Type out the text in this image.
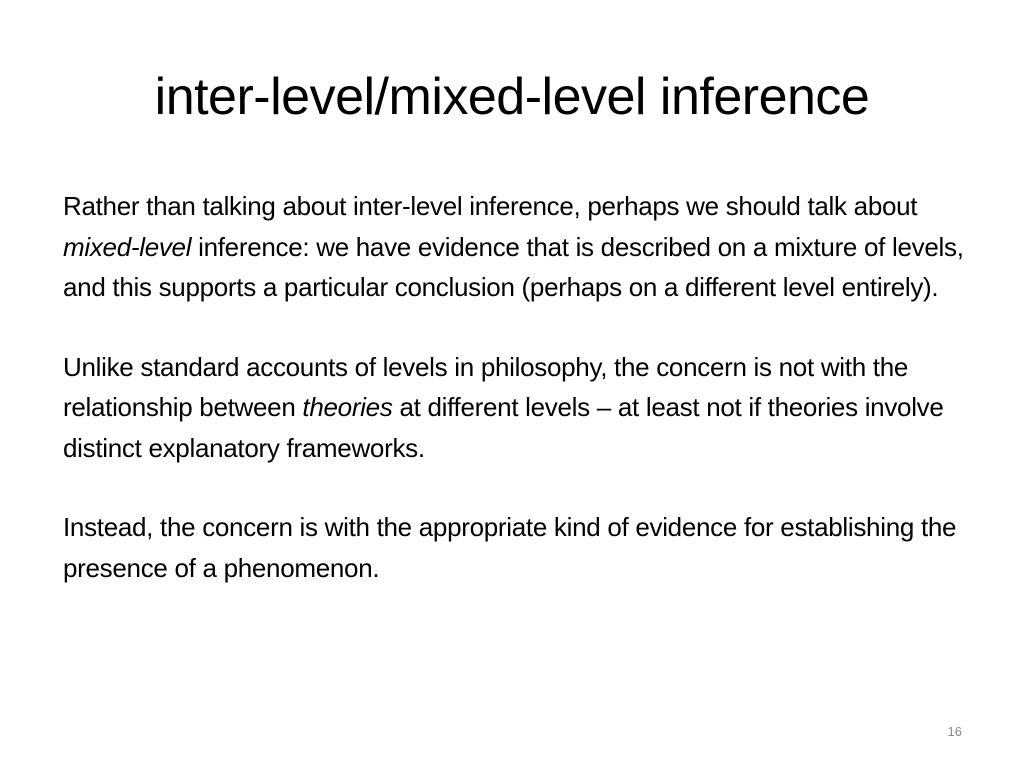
inter-level/mixed-level inference

Rather than talking about inter-level inference, perhaps we should talk about mixed-level inference: we have evidence that is described on a mixture of levels, and this supports a particular conclusion (perhaps on a different level entirely).

Unlike standard accounts of levels in philosophy, the concern is not with the relationship between theories at different levels – at least not if theories involve distinct explanatory frameworks.

Instead, the concern is with the appropriate kind of evidence for establishing the presence of a phenomenon.

16
